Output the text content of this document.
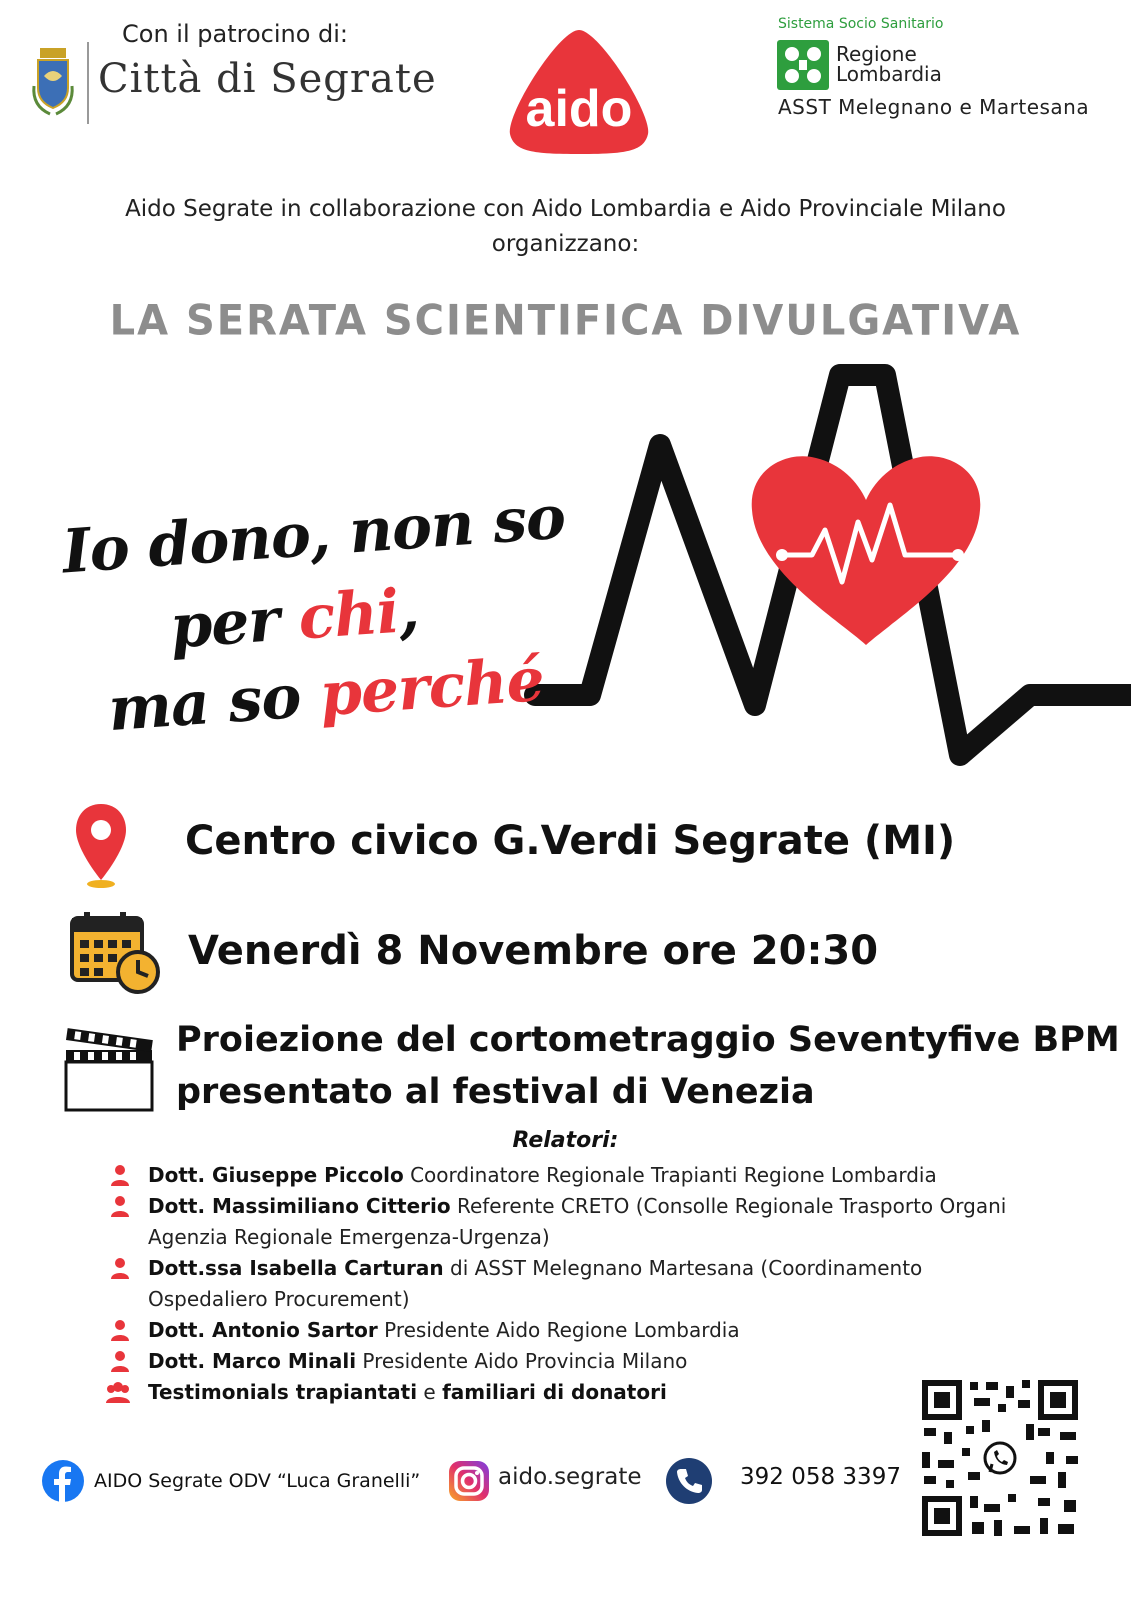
Con il patrocino di:
Città di Segrate
aido
Sistema Socio Sanitario
Regione
Lombardia
ASST Melegnano e Martesana
Aido Segrate in collaborazione con Aido Lombardia e Aido Provinciale Milano
organizzano:
LA SERATA SCIENTIFICA DIVULGATIVA
Io dono, non so
per chi,
ma so perché
Centro civico G.Verdi Segrate (MI)
Venerdì 8 Novembre ore 20:30
Proiezione del cortometraggio Seventyfive BPM
presentato al festival di Venezia
Relatori:
Dott. Giuseppe Piccolo Coordinatore Regionale Trapianti Regione Lombardia
Dott. Massimiliano Citterio Referente CRETO (Consolle Regionale Trasporto Organi Agenzia Regionale Emergenza-Urgenza)
Dott.ssa Isabella Carturan di ASST Melegnano Martesana (Coordinamento Ospedaliero Procurement)
Dott. Antonio Sartor Presidente Aido Regione Lombardia
Dott. Marco Minali Presidente Aido Provincia Milano
Testimonials trapiantati e familiari di donatori
AIDO Segrate ODV “Luca Granelli”	aido.segrate	392 058 3397
